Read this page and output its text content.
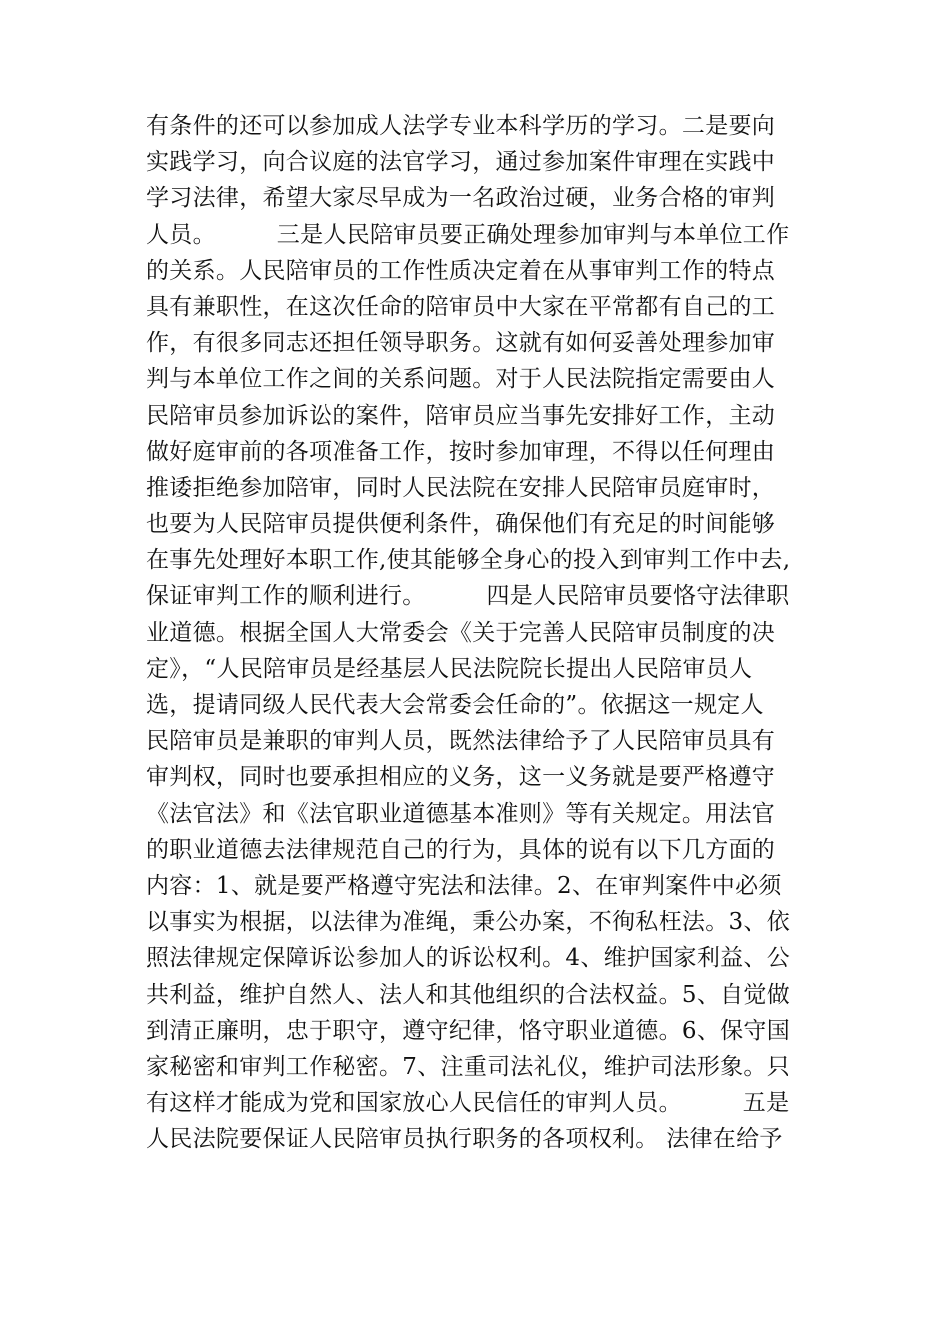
有条件的还可以参加成人法学专业本科学历的学习。二是要向
实践学习，向合议庭的法官学习，通过参加案件审理在实践中
学习法律，希望大家尽早成为一名政治过硬，业务合格的审判
人员。        三是人民陪审员要正确处理参加审判与本单位工作
的关系。人民陪审员的工作性质决定着在从事审判工作的特点
具有兼职性，在这次任命的陪审员中大家在平常都有自己的工
作，有很多同志还担任领导职务。这就有如何妥善处理参加审
判与本单位工作之间的关系问题。对于人民法院指定需要由人
民陪审员参加诉讼的案件，陪审员应当事先安排好工作，主动
做好庭审前的各项准备工作，按时参加审理，不得以任何理由
推诿拒绝参加陪审，同时人民法院在安排人民陪审员庭审时，
也要为人民陪审员提供便利条件，确保他们有充足的时间能够
在事先处理好本职工作,使其能够全身心的投入到审判工作中去,
保证审判工作的顺利进行。        四是人民陪审员要恪守法律职
业道德。根据全国人大常委会《关于完善人民陪审员制度的决
定》，“人民陪审员是经基层人民法院院长提出人民陪审员人
选，提请同级人民代表大会常委会任命的”。依据这一规定人
民陪审员是兼职的审判人员，既然法律给予了人民陪审员具有
审判权，同时也要承担相应的义务，这一义务就是要严格遵守
《法官法》和《法官职业道德基本准则》等有关规定。用法官
的职业道德去法律规范自己的行为，具体的说有以下几方面的
内容：1、就是要严格遵守宪法和法律。2、在审判案件中必须
以事实为根据，以法律为准绳，秉公办案，不徇私枉法。3、依
照法律规定保障诉讼参加人的诉讼权利。4、维护国家利益、公
共利益，维护自然人、法人和其他组织的合法权益。5、自觉做
到清正廉明，忠于职守，遵守纪律，恪守职业道德。6、保守国
家秘密和审判工作秘密。7、注重司法礼仪，维护司法形象。只
有这样才能成为党和国家放心人民信任的审判人员。        五是
人民法院要保证人民陪审员执行职务的各项权利。 法律在给予
